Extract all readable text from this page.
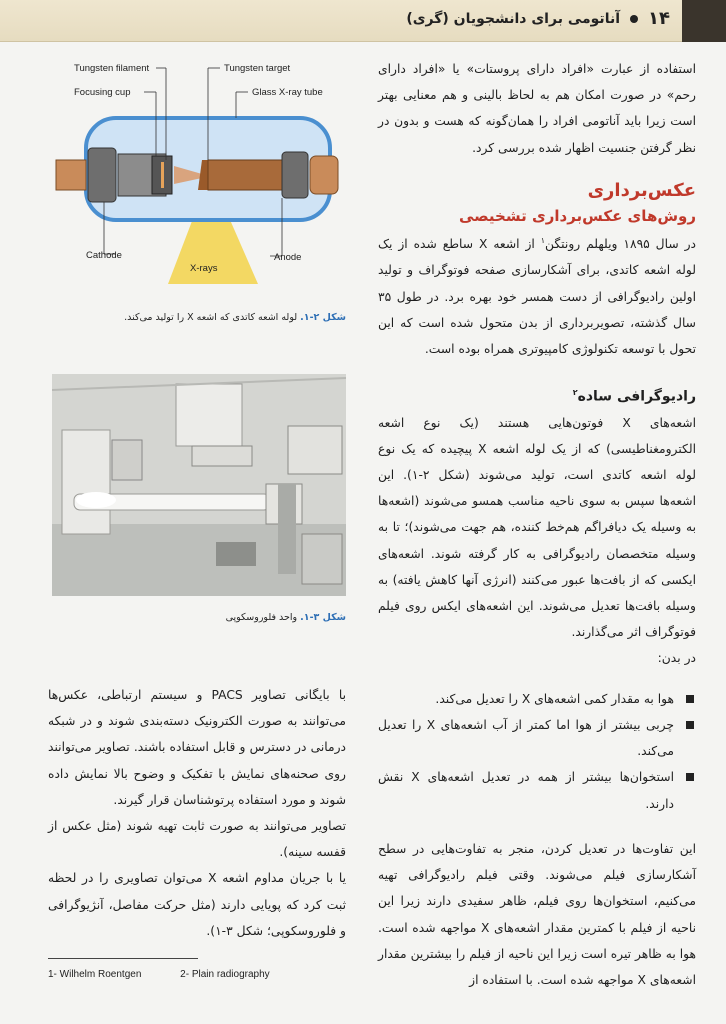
۱۴
آناتومی برای دانشجویان (گری)

استفاده از عبارت «افراد دارای پروستات» یا «افراد دارای رحم» در صورت امکان هم به لحاظ بالینی و هم معنایی بهتر است زیرا باید آناتومی افراد را همان‌گونه که هست و بدون در نظر گرفتن جنسیت اظهار شده بررسی کرد.

عکس‌برداری
روش‌های عکس‌برداری تشخیصی

در سال ۱۸۹۵ ویلهلم رونتگن$^۱$ از اشعه X ساطع شده از یک لوله اشعه کاتدی، برای آشکارسازی صفحه فوتوگراف و تولید اولین رادیوگرافی از دست همسر خود بهره برد. در طول ۳۵ سال گذشته، تصویربرداری از بدن متحول شده است که این تحول با توسعه تکنولوژی کامپیوتری همراه بوده است.

رادیوگرافی ساده$^۲$

اشعه‌های X فوتون‌هایی هستند (یک نوع اشعه الکترومغناطیسی) که از یک لوله اشعه X پیچیده که یک نوع لوله اشعه کاتدی است، تولید می‌شوند (شکل ۲-۱). این اشعه‌ها سپس به سوی ناحیه مناسب همسو می‌شوند (اشعه‌ها به وسیله یک دیافراگم هم‌خط کننده، هم جهت می‌شوند)؛ تا به وسیله متخصصان رادیوگرافی به کار گرفته شوند. اشعه‌های ایکسی که از بافت‌ها عبور می‌کنند (انرژی آنها کاهش یافته) به وسیله بافت‌ها تعدیل می‌شوند. این اشعه‌های ایکس روی فیلم فوتوگراف اثر می‌گذارند.

در بدن:

هوا به مقدار کمی اشعه‌های X را تعدیل می‌کند.
چربی بیشتر از هوا اما کمتر از آب اشعه‌های X را تعدیل می‌کند.
استخوان‌ها بیشتر از همه در تعدیل اشعه‌های X نقش دارند.

این تفاوت‌ها در تعدیل کردن، منجر به تفاوت‌هایی در سطح آشکارسازی فیلم می‌شوند. وقتی فیلم رادیوگرافی تهیه می‌کنیم، استخوان‌ها روی فیلم، ظاهر سفیدی دارند زیرا این ناحیه از فیلم با کمترین مقدار اشعه‌های X مواجهه شده است. هوا به ظاهر تیره است زیرا این ناحیه از فیلم را بیشترین مقدار اشعه‌های X مواجهه شده است. با استفاده از

Tungsten filament
Focusing cup
Tungsten target
Glass X-ray tube
Cathode	Anode
X-rays
شکل ۲-۱. لوله اشعه کاتدی که اشعه X را تولید می‌کند.
شکل ۳-۱. واحد فلوروسکوپی

با بایگانی تصاویر PACS و سیستم ارتباطی، عکس‌ها می‌توانند به صورت الکترونیک دسته‌بندی شوند و در شبکه درمانی در دسترس و قابل استفاده باشند. تصاویر می‌توانند روی صحنه‌های نمایش با تفکیک و وضوح بالا نمایش داده شوند و مورد استفاده پرتوشناسان قرار گیرند.

تصاویر می‌توانند به صورت ثابت تهیه شوند (مثل عکس از قفسه سینه).

یا با جریان مداوم اشعه X می‌توان تصاویری را در لحظه ثبت کرد که پویایی دارند (مثل حرکت مفاصل، آنژیوگرافی و فلوروسکوپی؛ شکل ۳-۱).

1- Wilhelm Roentgen	2- Plain radiography
